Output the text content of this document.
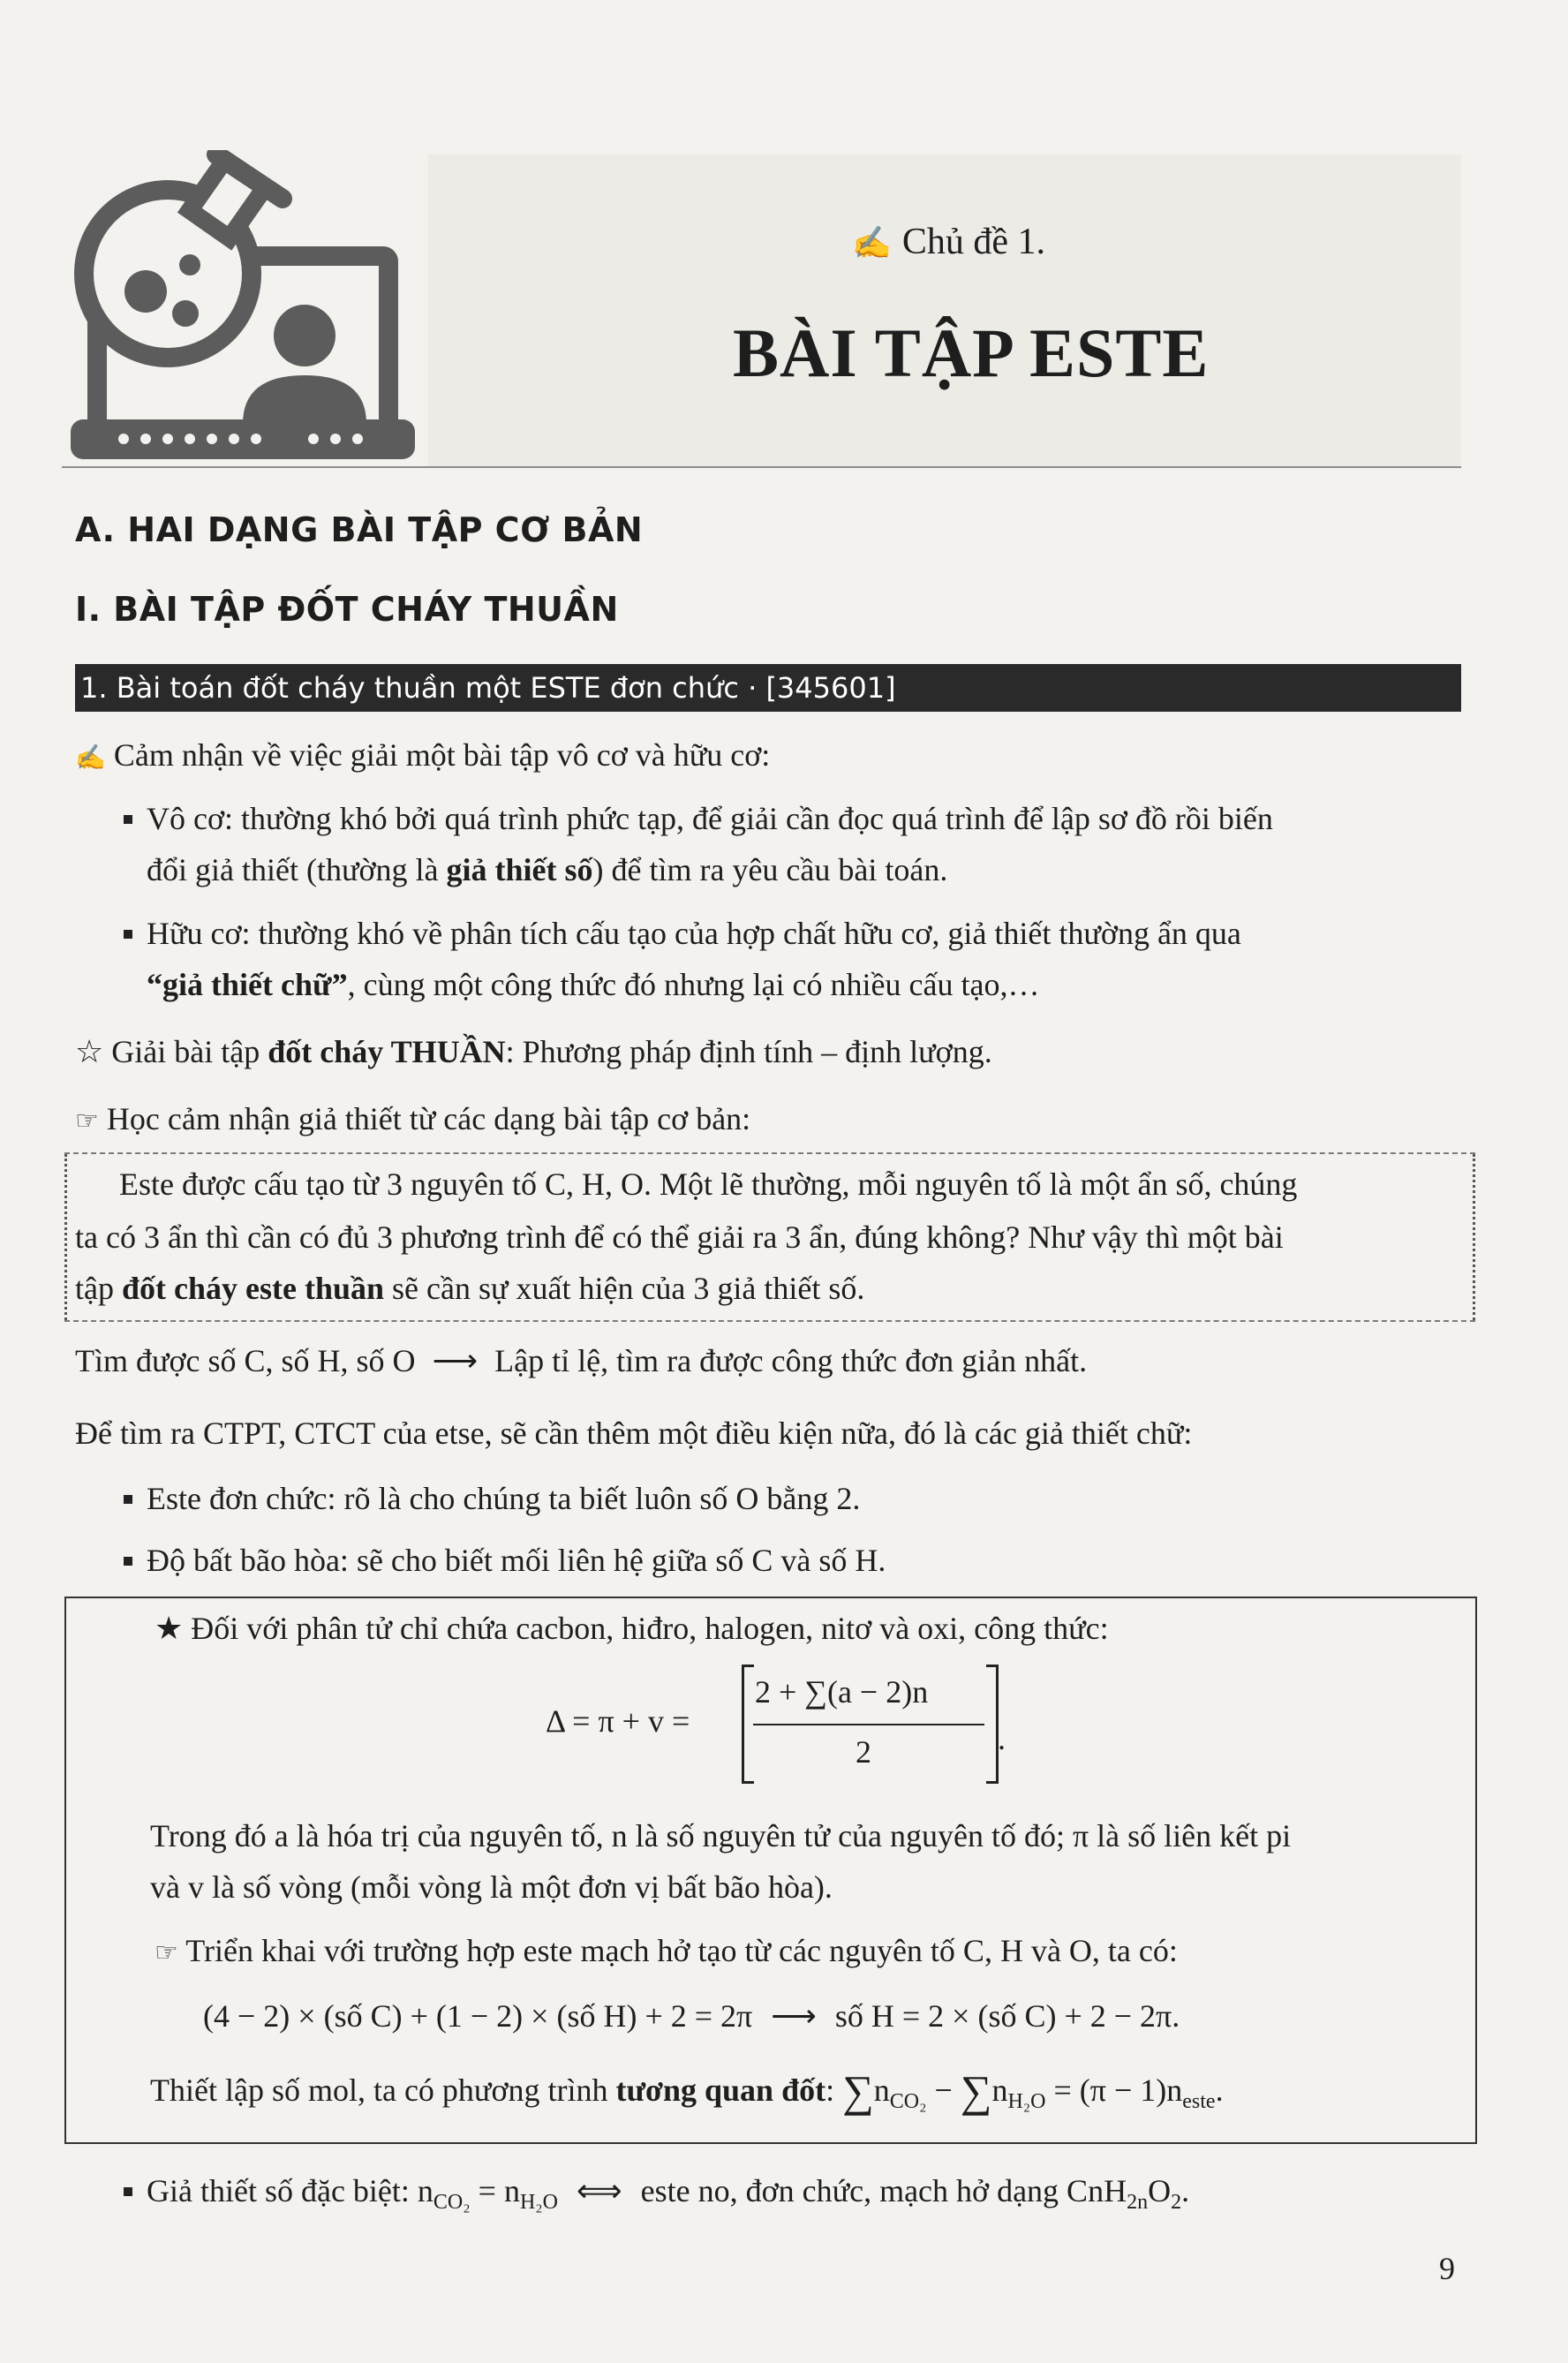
✍ Chủ đề 1.
BÀI TẬP ESTE
A. HAI DẠNG BÀI TẬP CƠ BẢN
I. BÀI TẬP ĐỐT CHÁY THUẦN
1. Bài toán đốt cháy thuần một ESTE đơn chức · [345601]
✍ Cảm nhận về việc giải một bài tập vô cơ và hữu cơ:
Vô cơ: thường khó bởi quá trình phức tạp, để giải cần đọc quá trình để lập sơ đồ rồi biến
đổi giả thiết (thường là giả thiết số) để tìm ra yêu cầu bài toán.
Hữu cơ: thường khó về phân tích cấu tạo của hợp chất hữu cơ, giả thiết thường ẩn qua
“giả thiết chữ”, cùng một công thức đó nhưng lại có nhiều cấu tạo,…
☆ Giải bài tập đốt cháy THUẦN: Phương pháp định tính – định lượng.
☞ Học cảm nhận giả thiết từ các dạng bài tập cơ bản:
Este được cấu tạo từ 3 nguyên tố C, H, O. Một lẽ thường, mỗi nguyên tố là một ẩn số, chúng
ta có 3 ẩn thì cần có đủ 3 phương trình để có thể giải ra 3 ẩn, đúng không? Như vậy thì một bài
tập đốt cháy este thuần sẽ cần sự xuất hiện của 3 giả thiết số.
Tìm được số C, số H, số O ⟶ Lập tỉ lệ, tìm ra được công thức đơn giản nhất.
Để tìm ra CTPT, CTCT của etse, sẽ cần thêm một điều kiện nữa, đó là các giả thiết chữ:
Este đơn chức: rõ là cho chúng ta biết luôn số O bằng 2.
Độ bất bão hòa: sẽ cho biết mối liên hệ giữa số C và số H.
★ Đối với phân tử chỉ chứa cacbon, hiđro, halogen, nitơ và oxi, công thức:
Δ = π + v =
2 + ∑(a − 2)n
2	.
Trong đó a là hóa trị của nguyên tố, n là số nguyên tử của nguyên tố đó; π là số liên kết pi
và v là số vòng (mỗi vòng là một đơn vị bất bão hòa).
☞ Triển khai với trường hợp este mạch hở tạo từ các nguyên tố C, H và O, ta có:
(4 − 2) × (số C) + (1 − 2) × (số H) + 2 = 2π ⟶ số H = 2 × (số C) + 2 − 2π.
Thiết lập số mol, ta có phương trình tương quan đốt: $\sum n_{CO_2} - \sum n_{H_2O} = (\pi - 1)n_{este}$.
Giả thiết số đặc biệt: $n_{CO_2} = n_{H_2O}$ ⟺ este no, đơn chức, mạch hở dạng $CnH_{2n}O_2$.
9
